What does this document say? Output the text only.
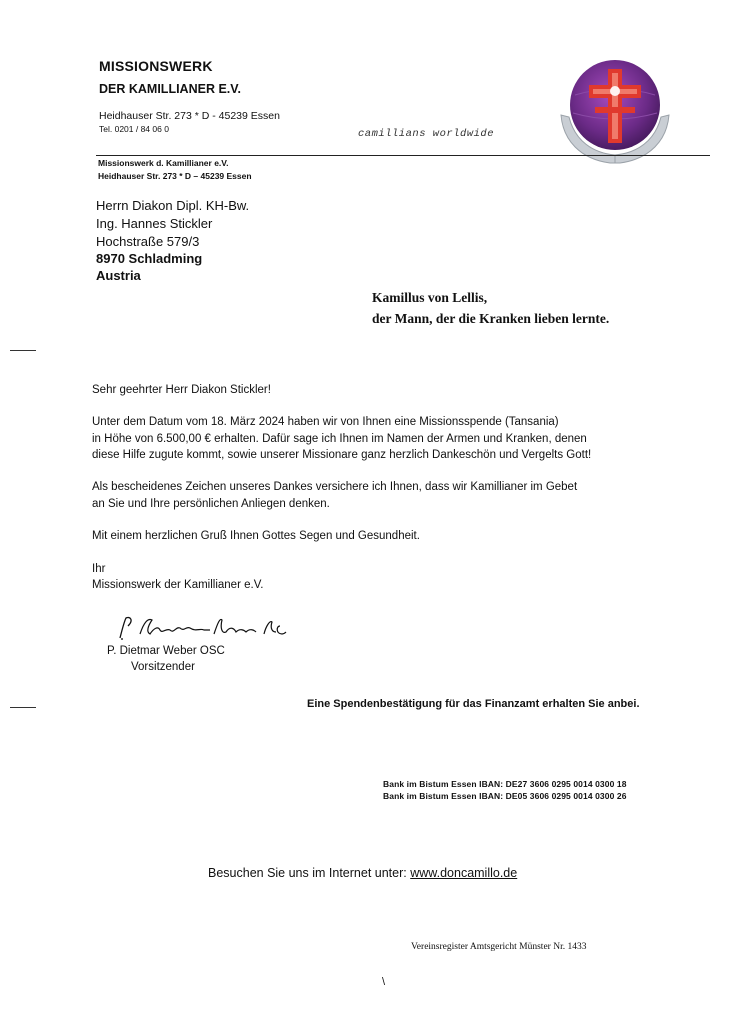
MISSIONSWERK
DER KAMILLIANER E.V.
Heidhauser Str. 273 * D - 45239 Essen
Tel. 0201 / 84 06 0	camillians worldwide
Missionswerk d. Kamillianer e.V.
Heidhauser Str. 273 * D – 45239 Essen
Herrn Diakon Dipl. KH-Bw.
Ing. Hannes Stickler
Hochstraße 579/3
8970 Schladming
Austria
Kamillus von Lellis,
der Mann, der die Kranken lieben lernte.
Sehr geehrter Herr Diakon Stickler!
Unter dem Datum vom 18. März 2024 haben wir von Ihnen eine Missionsspende (Tansania)
in Höhe von 6.500,00 € erhalten. Dafür sage ich Ihnen im Namen der Armen und Kranken, denen
diese Hilfe zugute kommt, sowie unserer Missionare ganz herzlich Dankeschön und Vergelts Gott!
Als bescheidenes Zeichen unseres Dankes versichere ich Ihnen, dass wir Kamillianer im Gebet
an Sie und Ihre persönlichen Anliegen denken.
Mit einem herzlichen Gruß Ihnen Gottes Segen und Gesundheit.
Ihr
Missionswerk der Kamillianer e.V.
P. Dietmar Weber OSC
Vorsitzender
Eine Spendenbestätigung für das Finanzamt erhalten Sie anbei.
Bank im Bistum Essen IBAN: DE27 3606 0295 0014 0300 18
Bank im Bistum Essen IBAN: DE05 3606 0295 0014 0300 26
Besuchen Sie uns im Internet unter: www.doncamillo.de
Vereinsregister Amtsgericht Münster Nr. 1433
\
